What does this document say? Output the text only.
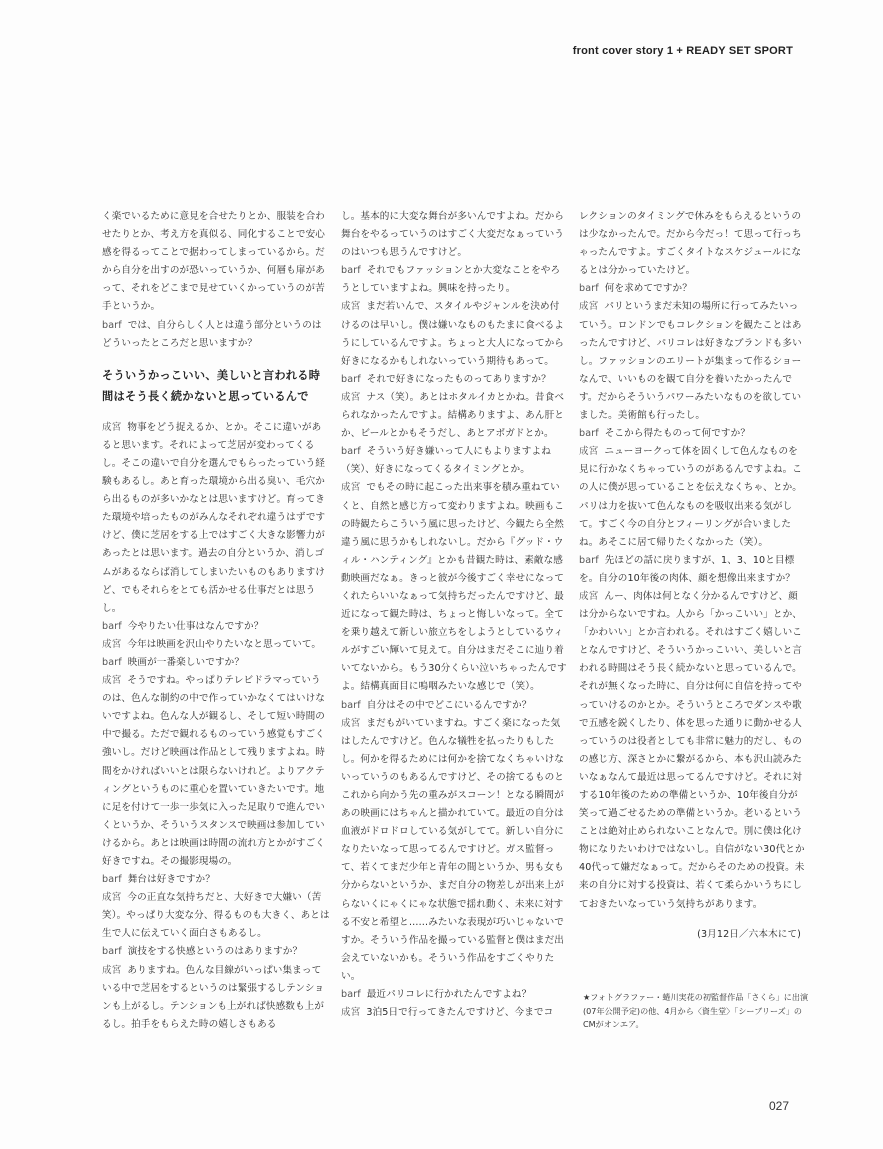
front cover story 1 + READY SET SPORT

く楽でいるために意見を合せたりとか、服装を合わせたりとか、考え方を真似る、同化することで安心感を得るってことで据わってしまっているから。だから自分を出すのが恐いっていうか、何層も扉があって、それをどこまで見せていくかっていうのが苦手というか。

barf では、自分らしく人とは違う部分というのはどういったところだと思いますか？

そういうかっこいい、美しいと言われる時間はそう長く続かないと思っているんで

成宮 物事をどう捉えるか、とか。そこに違いがあると思います。それによって芝居が変わってくるし。そこの違いで自分を選んでもらったっていう経験もあるし。あと育った環境から出る臭い、毛穴から出るものが多いかなとは思いますけど。育ってきた環境や培ったものがみんなそれぞれ違うはずですけど、僕に芝居をする上ではすごく大きな影響力があったとは思います。過去の自分というか、消しゴムがあるならば消してしまいたいものもありますけど、でもそれらをとても活かせる仕事だとは思うし。

barf 今やりたい仕事はなんですか？

成宮 今年は映画を沢山やりたいなと思っていて。

barf 映画が一番楽しいですか？

成宮 そうですね。やっぱりテレビドラマっていうのは、色んな制約の中で作っていかなくてはいけないですよね。色んな人が観るし、そして短い時間の中で撮る。ただで観れるものっていう感覚もすごく強いし。だけど映画は作品として残りますよね。時間をかければいいとは限らないけれど。よりアクティングというものに重心を置いていきたいです。地に足を付けて一歩一歩気に入った足取りで進んでいくというか、そういうスタンスで映画は参加していけるから。あとは映画は時間の流れ方とかがすごく好きですね。その撮影現場の。

barf 舞台は好きですか？

成宮 今の正直な気持ちだと、大好きで大嫌い（苦笑）。やっぱり大変な分、得るものも大きく、あとは生で人に伝えていく面白さもあるし。

barf 演技をする快感というのはありますか？

成宮 ありますね。色んな目線がいっぱい集まっている中で芝居をするというのは緊張するしテンションも上がるし。テンションも上がれば快感数も上がるし。拍手をもらえた時の嬉しさもある

し。基本的に大変な舞台が多いんですよね。だから舞台をやるっていうのはすごく大変だなぁっていうのはいつも思うんですけど。

barf それでもファッションとか大変なことをやろうとしていますよね。興味を持ったり。

成宮 まだ若いんで、スタイルやジャンルを決め付けるのは早いし。僕は嫌いなものもたまに食べるようにしているんですよ。ちょっと大人になってから好きになるかもしれないっていう期待もあって。

barf それで好きになったものってありますか？

成宮 ナス（笑）。あとはホタルイカとかね。昔食べられなかったんですよ。結構ありますよ、あん肝とか、ビールとかもそうだし、あとアボガドとか。

barf そういう好き嫌いって人にもよりますよね（笑）、好きになってくるタイミングとか。

成宮 でもその時に起こった出来事を積み重ねていくと、自然と感じ方って変わりますよね。映画もこの時観たらこういう風に思ったけど、今観たら全然違う風に思うかもしれないし。だから『グッド・ウィル・ハンティング』とかも昔観た時は、素敵な感動映画だなぁ。きっと彼が今後すごく幸せになってくれたらいいなぁって気持ちだったんですけど、最近になって観た時は、ちょっと悔しいなって。全てを乗り越えて新しい旅立ちをしようとしているウィルがすごい輝いて見えて。自分はまだそこに辿り着いてないから。もう30分くらい泣いちゃったんですよ。結構真面目に嗚咽みたいな感じで（笑）。

barf 自分はその中でどこにいるんですか？

成宮 まだもがいていますね。すごく楽になった気はしたんですけど。色んな犠牲を払ったりもしたし。何かを得るためには何かを捨てなくちゃいけないっていうのもあるんですけど、その捨てるものとこれから向かう先の重みがスコーン！となる瞬間があの映画にはちゃんと描かれていて。最近の自分は血液がドロドロしている気がしてて。新しい自分になりたいなって思ってるんですけど。ガス監督って、若くてまだ少年と青年の間というか、男も女も分からないというか、まだ自分の物差しが出来上がらないくにゃくにゃな状態で揺れ動く、未来に対する不安と希望と……みたいな表現が巧いじゃないですか。そういう作品を撮っている監督と僕はまだ出会えていないかも。そういう作品をすごくやりたい。

barf 最近パリコレに行かれたんですよね？

成宮 3泊5日で行ってきたんですけど、今までコ

レクションのタイミングで休みをもらえるというのは少なかったんで。だから今だっ！て思って行っちゃったんですよ。すごくタイトなスケジュールになるとは分かっていたけど。

barf 何を求めてですか？

成宮 パリというまだ未知の場所に行ってみたいっていう。ロンドンでもコレクションを観たことはあったんですけど、パリコレは好きなブランドも多いし。ファッションのエリートが集まって作るショーなんで、いいものを観て自分を養いたかったんです。だからそういうパワーみたいなものを欲していました。美術館も行ったし。

barf そこから得たものって何ですか？

成宮 ニューヨークって体を固くして色んなものを見に行かなくちゃっていうのがあるんですよね。この人に僕が思っていることを伝えなくちゃ、とか。パリは力を抜いて色んなものを吸収出来る気がして。すごく今の自分とフィーリングが合いましたね。あそこに居て帰りたくなかった（笑）。

barf 先ほどの話に戻りますが、1、3、10と目標を。自分の10年後の肉体、顔を想像出来ますか？

成宮 んー、肉体は何となく分かるんですけど、顔は分からないですね。人から「かっこいい」とか、「かわいい」とか言われる。それはすごく嬉しいことなんですけど、そういうかっこいい、美しいと言われる時間はそう長く続かないと思っているんで。それが無くなった時に、自分は何に自信を持ってやっていけるのかとか。そういうところでダンスや歌で五感を鋭くしたり、体を思った通りに動かせる人っていうのは役者としても非常に魅力的だし、ものの感じ方、深さとかに繋がるから、本も沢山読みたいなぁなんて最近は思ってるんですけど。それに対する10年後のための準備というか、10年後自分が笑って過ごせるための準備というか。老いるということは絶対止められないことなんで。別に僕は化け物になりたいわけではないし。自信がない30代とか40代って嫌だなぁって。だからそのための投資。未来の自分に対する投資は、若くて柔らかいうちにしておきたいなっていう気持ちがあります。

(3月12日／六本木にて)

★フォトグラファー・蜷川実花の初監督作品「さくら」に出演(07年公開予定)の他、4月から〈資生堂〉「シーブリーズ」のCMがオンエア。
027
